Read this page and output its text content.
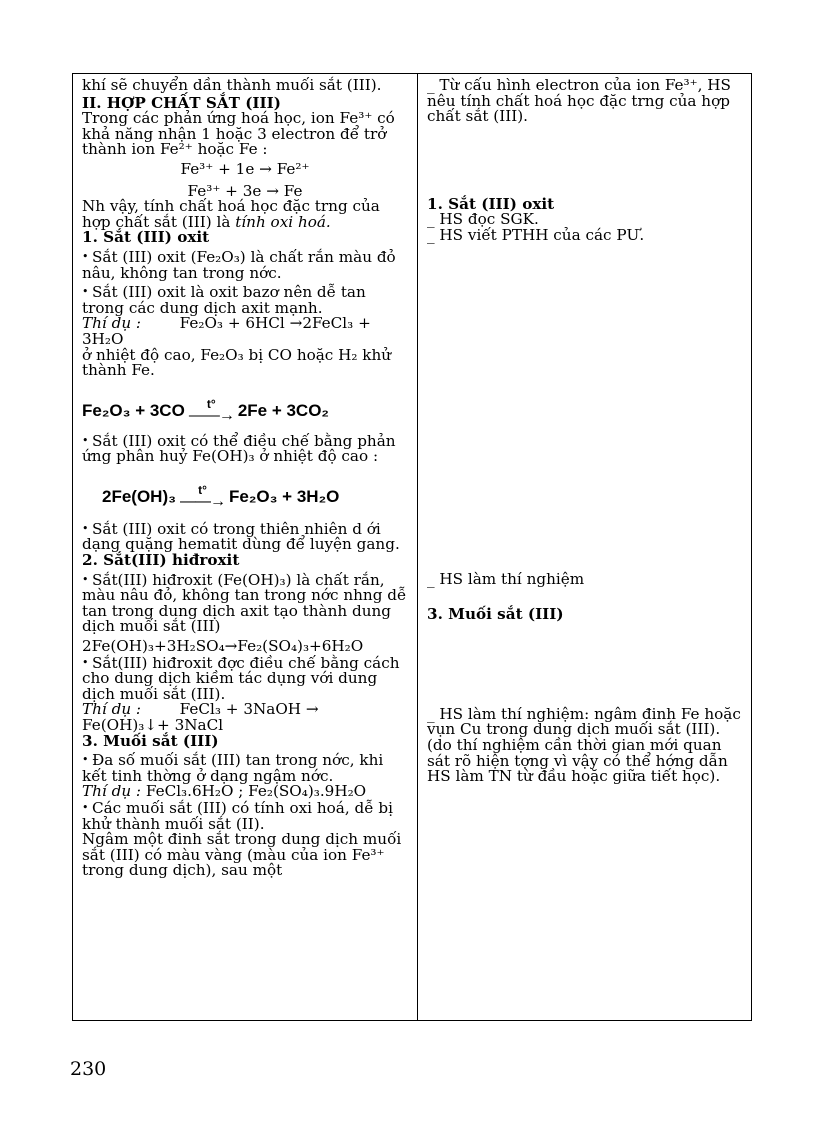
khí sẽ chuyển dần thành muối sắt (III).

II. HỢP CHẤT SẮT (III)

Trong các phản ứng hoá học, ion Fe³⁺ có khả năng nhận 1 hoặc 3 electron để trở thành ion Fe²⁺ hoặc Fe :

Fe³⁺ + 1e → Fe²⁺

Fe³⁺ + 3e → Fe

Nh vậy, tính chất hoá học đặc trng của hợp chất sắt (III) là tính oxi hoá.

1. Sắt (III) oxit

• Sắt (III) oxit (Fe₂O₃) là chất rắn màu đỏ nâu, không tan trong nớc.

• Sắt (III) oxit là oxit bazơ nên dễ tan trong các dung dịch axit mạnh.

Thí dụ :	Fe₂O₃ + 6HCl →2FeCl₃ + 3H₂O

ở nhiệt độ cao, Fe₂O₃ bị CO hoặc H₂ khử thành Fe.

Fe₂O₃ + 3CO t°
——→ 2Fe + 3CO₂

• Sắt (III) oxit có thể điều chế bằng phản ứng phân huỷ Fe(OH)₃ ở nhiệt độ cao :

2Fe(OH)₃ t°
——→ Fe₂O₃ + 3H₂O

• Sắt (III) oxit có trong thiên nhiên d ới dạng quặng hematit dùng để luyện gang.

2. Sắt(III) hiđroxit

• Sắt(III) hiđroxit (Fe(OH)₃) là chất rắn, màu nâu đỏ, không tan trong nớc nhng dễ tan trong dung dịch axit tạo thành dung dịch muối sắt (III)

2Fe(OH)₃+3H₂SO₄→Fe₂(SO₄)₃+6H₂O

• Sắt(III) hiđroxit đợc điều chế bằng cách cho dung dịch kiềm tác dụng với dung dịch muối sắt (III).

Thí dụ :	FeCl₃ + 3NaOH → Fe(OH)₃↓+ 3NaCl

3. Muối sắt (III)

• Đa số muối sắt (III) tan trong nớc, khi kết tinh thờng ở dạng ngậm nớc.

Thí dụ : FeCl₃.6H₂O ; Fe₂(SO₄)₃.9H₂O

• Các muối sắt (III) có tính oxi hoá, dễ bị khử thành muối sắt (II).

Ngâm một đinh sắt trong dung dịch muối sắt (III) có màu vàng (màu của ion Fe³⁺ trong dung dịch), sau một

_ Từ cấu hình electron của ion Fe³⁺, HS nêu tính chất hoá học đặc trng của hợp chất sắt (III).

1. Sắt (III) oxit

_ HS đọc SGK.

_ HS viết PTHH của các PƯ.

_ HS làm thí nghiệm

3. Muối sắt (III)

_ HS làm thí nghiệm: ngâm đinh Fe hoặc vụn Cu trong dung dịch muối sắt (III).

(do thí nghiệm cần thời gian mới quan sát rõ hiện tợng vì vậy có thể hớng dẫn HS làm TN từ đầu hoặc giữa tiết học).

230
